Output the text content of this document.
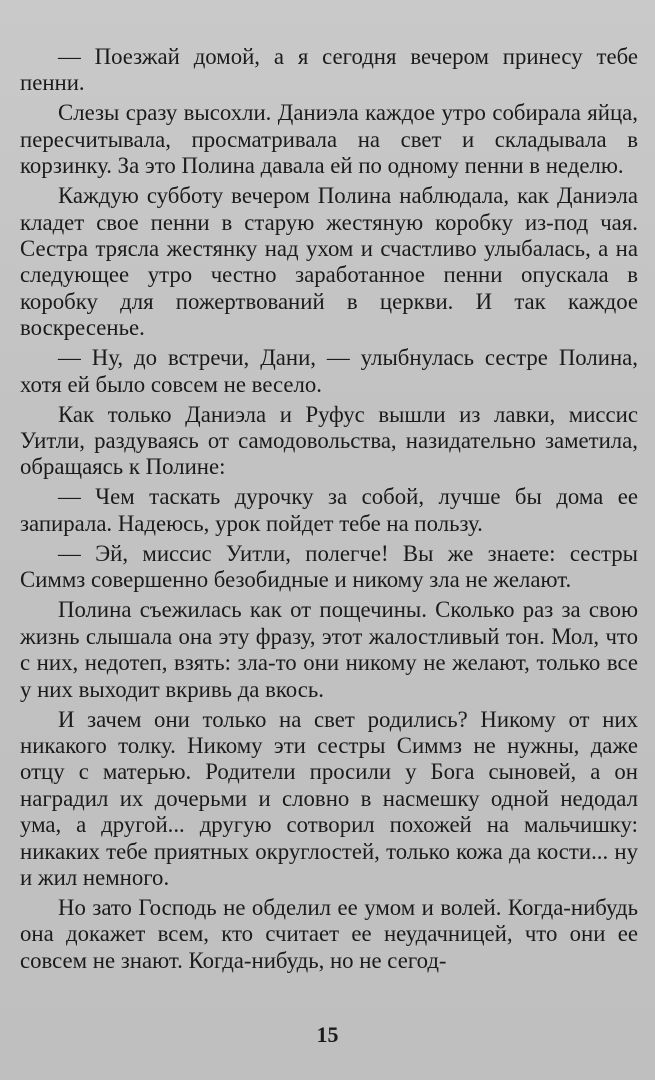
— Поезжай домой, а я сегодня вечером принесу тебе пенни.

Слезы сразу высохли. Даниэла каждое утро собирала яйца, пересчитывала, просматривала на свет и складывала в корзинку. За это Полина давала ей по одному пенни в неделю.

Каждую субботу вечером Полина наблюдала, как Даниэла кладет свое пенни в старую жестяную коробку из-под чая. Сестра трясла жестянку над ухом и счастливо улыбалась, а на следующее утро честно заработанное пенни опускала в коробку для пожертвований в церкви. И так каждое воскресенье.

— Ну, до встречи, Дани, — улыбнулась сестре Полина, хотя ей было совсем не весело.

Как только Даниэла и Руфус вышли из лавки, миссис Уитли, раздуваясь от самодовольства, назидательно заметила, обращаясь к Полине:

— Чем таскать дурочку за собой, лучше бы дома ее запирала. Надеюсь, урок пойдет тебе на пользу.

— Эй, миссис Уитли, полегче! Вы же знаете: сестры Симмз совершенно безобидные и никому зла не желают.

Полина съежилась как от пощечины. Сколько раз за свою жизнь слышала она эту фразу, этот жалостливый тон. Мол, что с них, недотеп, взять: зла-то они никому не желают, только все у них выходит вкривь да вкось.

И зачем они только на свет родились? Никому от них никакого толку. Никому эти сестры Симмз не нужны, даже отцу с матерью. Родители просили у Бога сыновей, а он наградил их дочерьми и словно в насмешку одной недодал ума, а другой... другую сотворил похожей на мальчишку: никаких тебе приятных округлостей, только кожа да кости... ну и жил немного.

Но зато Господь не обделил ее умом и волей. Когда-нибудь она докажет всем, кто считает ее неудачницей, что они ее совсем не знают. Когда-нибудь, но не сегод-

15
